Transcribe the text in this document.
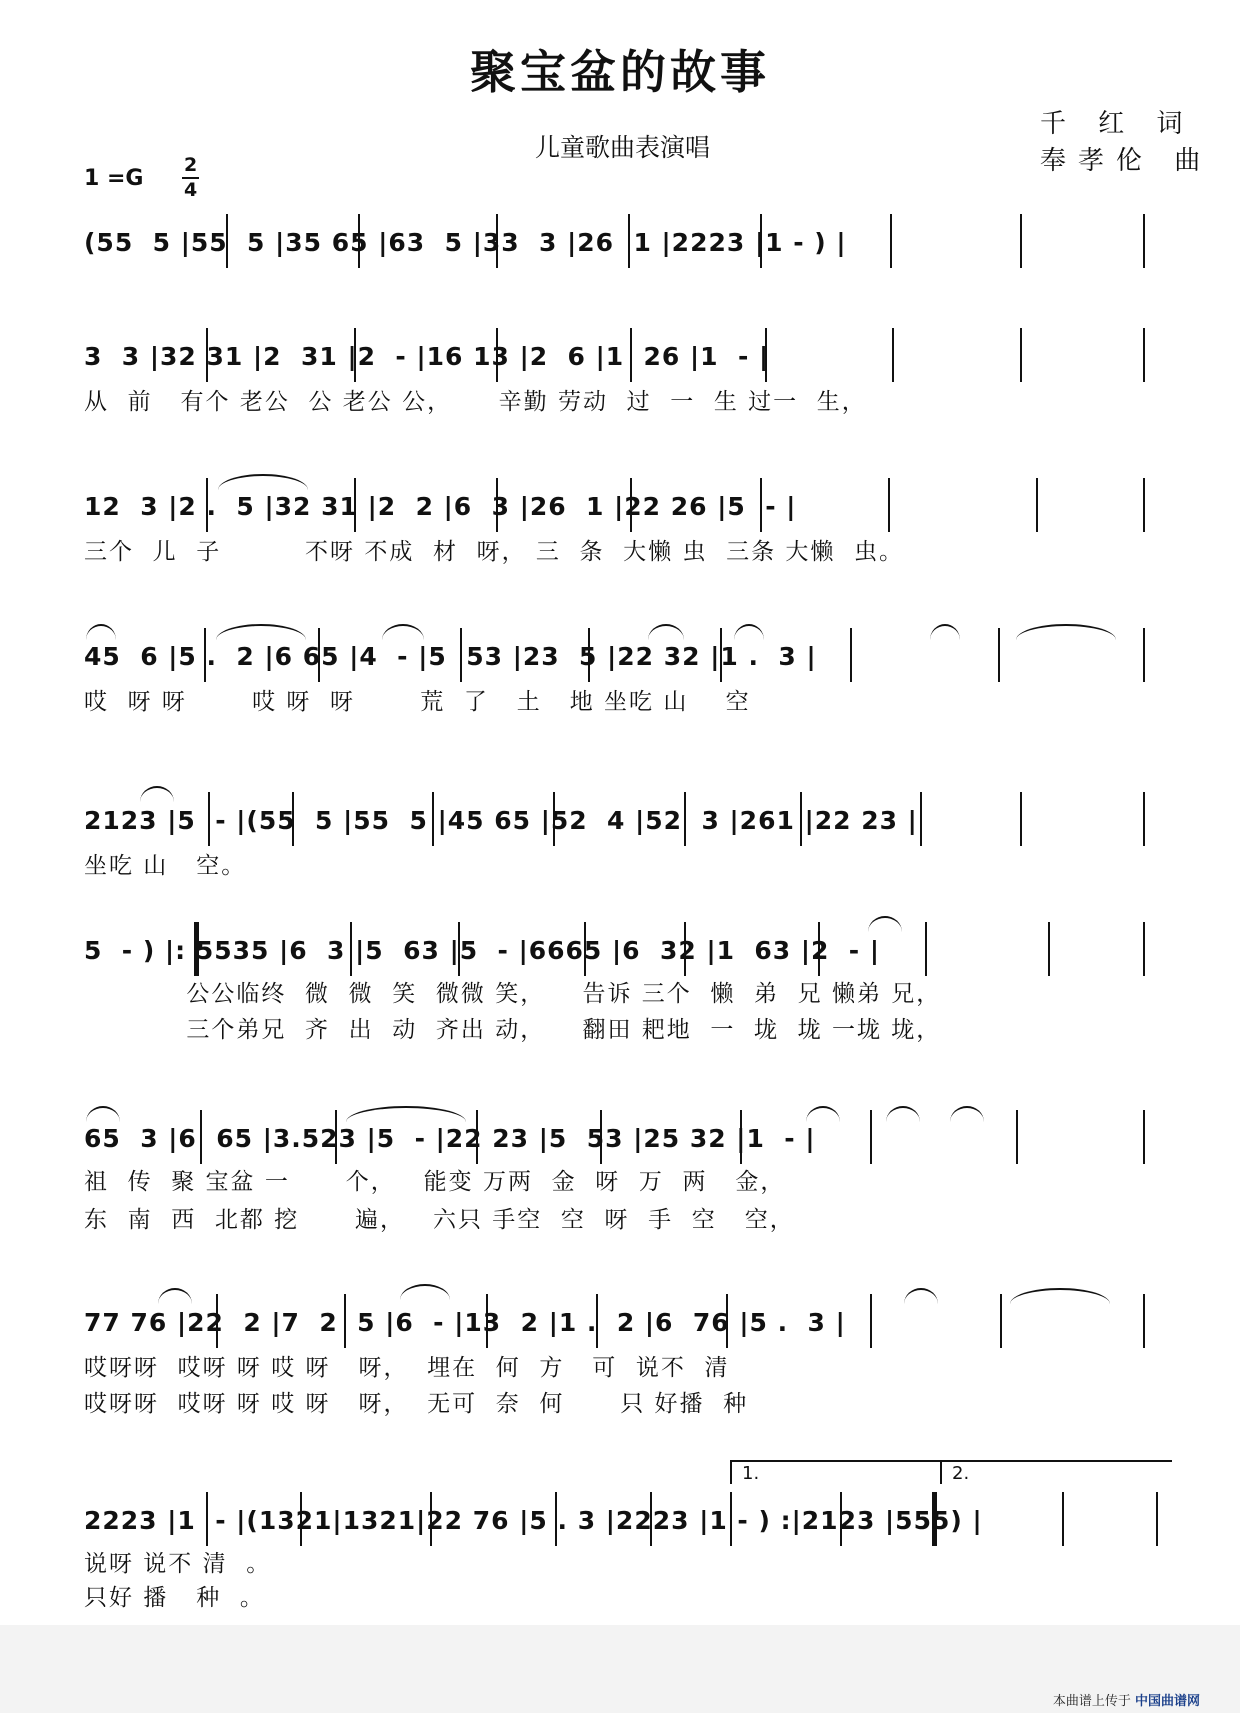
聚宝盆的故事
儿童歌曲表演唱
千 红 词
奉孝伦 曲
$1 =G \frac{2}{4}$
(55  5 |55  5 |35 65 |63  5 |33  3 |26  1 |2223 |1 - ) |
3  3 |32 31 |2  31 |2  - |16 13 |2  6 |1  26 |1  - |
从  前   有个 老公  公 老公 公，     辛勤 劳动  过  一  生 过一  生，
12  3 |2 .  5 |32 31 |2  2 |6  3 |26  1 |22 26 |5  - |
三个  儿  子         不呀 不成  材  呀， 三  条  大懒 虫  三条 大懒  虫。
45  6 |5 .  2 |6 65 |4  - |5  53 |23  5 |22 32 |1 .  3 |
哎  呀 呀       哎 呀  呀       荒  了   土   地 坐吃 山    空
2123 |5  - |(55  5 |55  5 |45 65 |52  4 |52  3 |261 |22 23 |
坐吃 山   空。
5  - ) |: 5535 |6  3 |5  63 |5  - |6665 |6  32 |1  63 |2  - |
公公临终  微  微  笑  微微 笑，    告诉 三个  懒  弟  兄 懒弟 兄，
三个弟兄  齐  出  动  齐出 动，    翻田 耙地  一  垅  垅 一垅 垅，
65  3 |6  65 |3.523 |5  - |22 23 |5  53 |25 32 |1  - |
祖  传  聚 宝盆 一      个，   能变 万两  金  呀  万  两   金，
东  南  西  北都 挖      遍，   六只 手空  空  呀  手  空   空，
77 76 |22  2 |7  2  5 |6  - |13  2 |1 .  2 |6  76 |5 .  3 |
哎呀呀  哎呀 呀 哎 呀   呀，  埋在  何  方   可  说不  清
哎呀呀  哎呀 呀 哎 呀   呀，  无可  奈  何      只 好播  种
1.	2.
2223 |1  - |(1321|1321|22 76 |5 . 3 |2223 |1 - ) :|2123 |555) |
说呀 说不 清  。
只好 播   种  。
本曲谱上传于 中国曲谱网
